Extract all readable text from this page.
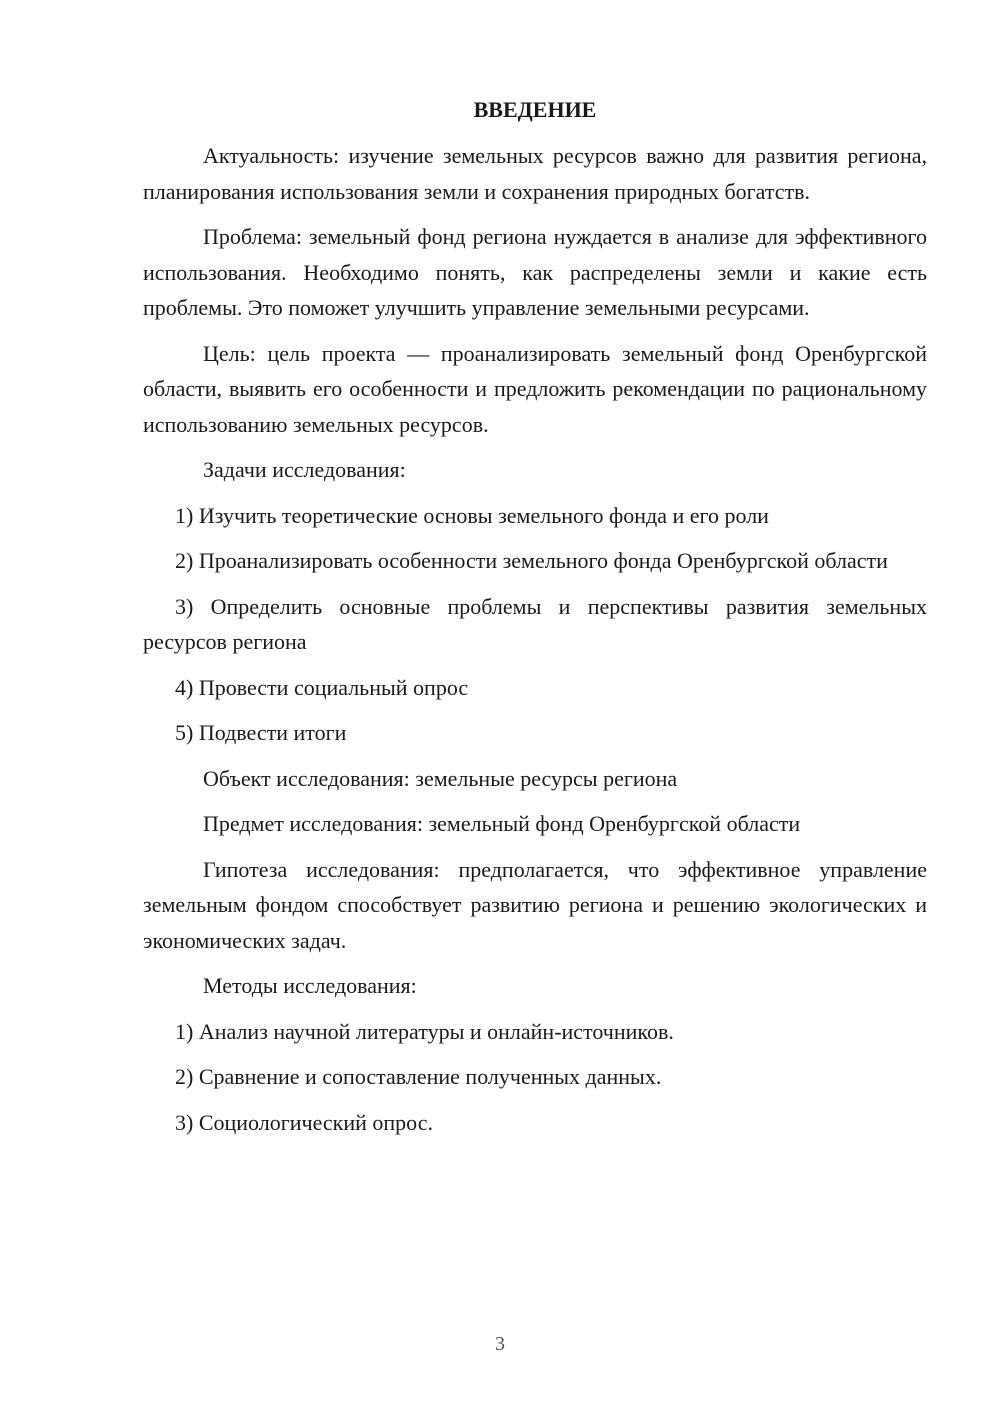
ВВЕДЕНИЕ

Актуальность: изучение земельных ресурсов важно для развития региона, планирования использования земли и сохранения природных богатств.

Проблема: земельный фонд региона нуждается в анализе для эффективного использования. Необходимо понять, как распределены земли и какие есть проблемы. Это поможет улучшить управление земельными ресурсами.

Цель: цель проекта — проанализировать земельный фонд Оренбургской области, выявить его особенности и предложить рекомендации по рациональному использованию земельных ресурсов.

Задачи исследования:

1) Изучить теоретические основы земельного фонда и его роли

2) Проанализировать особенности земельного фонда Оренбургской области

3) Определить основные проблемы и перспективы развития земельных ресурсов региона

4) Провести социальный опрос

5) Подвести итоги

Объект исследования: земельные ресурсы региона

Предмет исследования: земельный фонд Оренбургской области

Гипотеза исследования: предполагается, что эффективное управление земельным фондом способствует развитию региона и решению экологических и экономических задач.

Методы исследования:

1) Анализ научной литературы и онлайн-источников.

2) Сравнение и сопоставление полученных данных.

3) Социологический опрос.

3
